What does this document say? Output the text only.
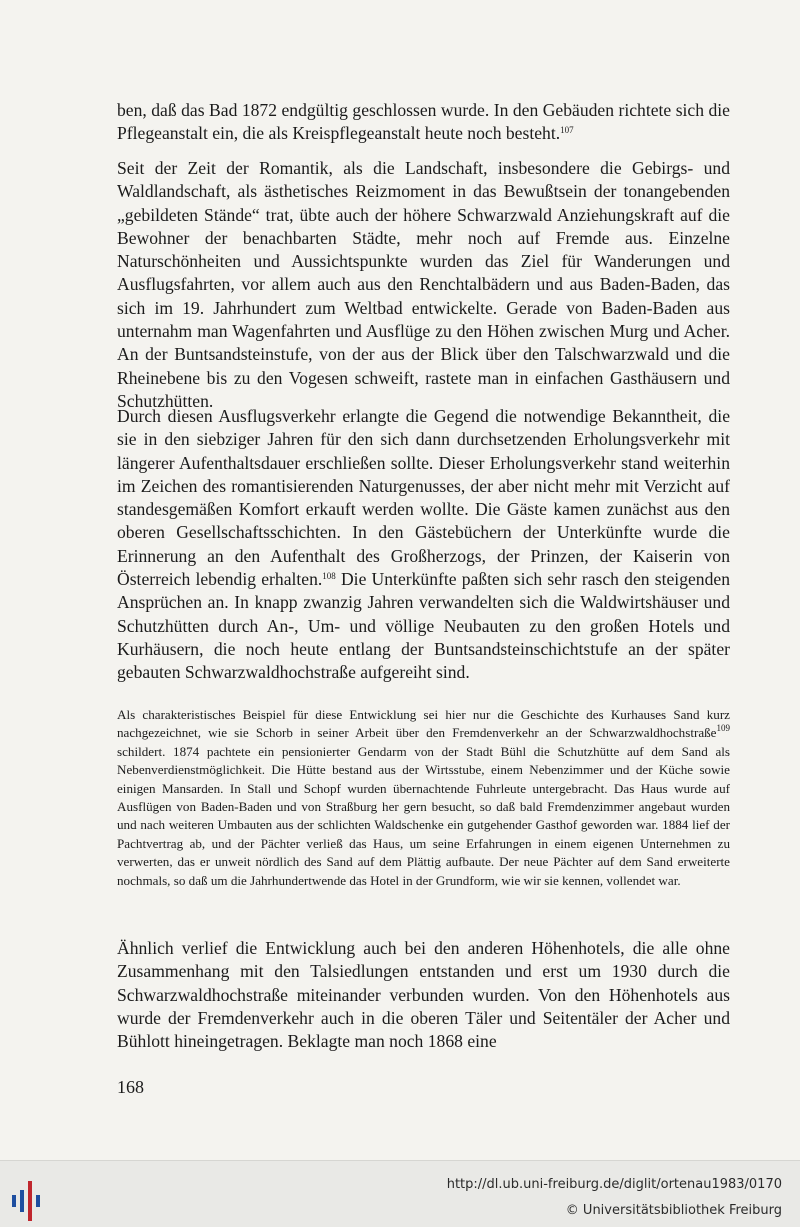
ben, daß das Bad 1872 endgültig geschlossen wurde. In den Gebäuden richtete sich die Pflegeanstalt ein, die als Kreispflegeanstalt heute noch besteht.$^{107}$

Seit der Zeit der Romantik, als die Landschaft, insbesondere die Gebirgs- und Waldlandschaft, als ästhetisches Reizmoment in das Bewußtsein der tonangebenden „gebildeten Stände“ trat, übte auch der höhere Schwarzwald Anziehungskraft auf die Bewohner der benachbarten Städte, mehr noch auf Fremde aus. Einzelne Naturschönheiten und Aussichtspunkte wurden das Ziel für Wanderungen und Ausflugsfahrten, vor allem auch aus den Renchtalbädern und aus Baden-Baden, das sich im 19. Jahrhundert zum Weltbad entwickelte. Gerade von Baden-Baden aus unternahm man Wagenfahrten und Ausflüge zu den Höhen zwischen Murg und Acher. An der Buntsandsteinstufe, von der aus der Blick über den Talschwarzwald und die Rheinebene bis zu den Vogesen schweift, rastete man in einfachen Gasthäusern und Schutzhütten.

Durch diesen Ausflugsverkehr erlangte die Gegend die notwendige Bekanntheit, die sie in den siebziger Jahren für den sich dann durchsetzenden Erholungsverkehr mit längerer Aufenthaltsdauer erschließen sollte. Dieser Erholungsverkehr stand weiterhin im Zeichen des romantisierenden Naturgenusses, der aber nicht mehr mit Verzicht auf standesgemäßen Komfort erkauft werden wollte. Die Gäste kamen zunächst aus den oberen Gesellschaftsschichten. In den Gästebüchern der Unterkünfte wurde die Erinnerung an den Aufenthalt des Großherzogs, der Prinzen, der Kaiserin von Österreich lebendig erhalten.$^{108}$ Die Unterkünfte paßten sich sehr rasch den steigenden Ansprüchen an. In knapp zwanzig Jahren verwandelten sich die Waldwirtshäuser und Schutzhütten durch An-, Um- und völlige Neubauten zu den großen Hotels und Kurhäusern, die noch heute entlang der Buntsandsteinschichtstufe an der später gebauten Schwarzwaldhochstraße aufgereiht sind.

Als charakteristisches Beispiel für diese Entwicklung sei hier nur die Geschichte des Kurhauses Sand kurz nachgezeichnet, wie sie Schorb in seiner Arbeit über den Fremdenverkehr an der Schwarzwaldhochstraße$^{109}$ schildert. 1874 pachtete ein pensionierter Gendarm von der Stadt Bühl die Schutzhütte auf dem Sand als Nebenverdienstmöglichkeit. Die Hütte bestand aus der Wirtsstube, einem Nebenzimmer und der Küche sowie einigen Mansarden. In Stall und Schopf wurden übernachtende Fuhrleute untergebracht. Das Haus wurde auf Ausflügen von Baden-Baden und von Straßburg her gern besucht, so daß bald Fremdenzimmer angebaut wurden und nach weiteren Umbauten aus der schlichten Waldschenke ein gutgehender Gasthof geworden war. 1884 lief der Pachtvertrag ab, und der Pächter verließ das Haus, um seine Erfahrungen in einem eigenen Unternehmen zu verwerten, das er unweit nördlich des Sand auf dem Plättig aufbaute. Der neue Pächter auf dem Sand erweiterte nochmals, so daß um die Jahrhundertwende das Hotel in der Grundform, wie wir sie kennen, vollendet war.

Ähnlich verlief die Entwicklung auch bei den anderen Höhenhotels, die alle ohne Zusammenhang mit den Talsiedlungen entstanden und erst um 1930 durch die Schwarzwaldhochstraße miteinander verbunden wurden. Von den Höhenhotels aus wurde der Fremdenverkehr auch in die oberen Täler und Seitentäler der Acher und Bühlott hineingetragen. Beklagte man noch 1868 eine

168
http://dl.ub.uni-freiburg.de/diglit/ortenau1983/0170
© Universitätsbibliothek Freiburg
